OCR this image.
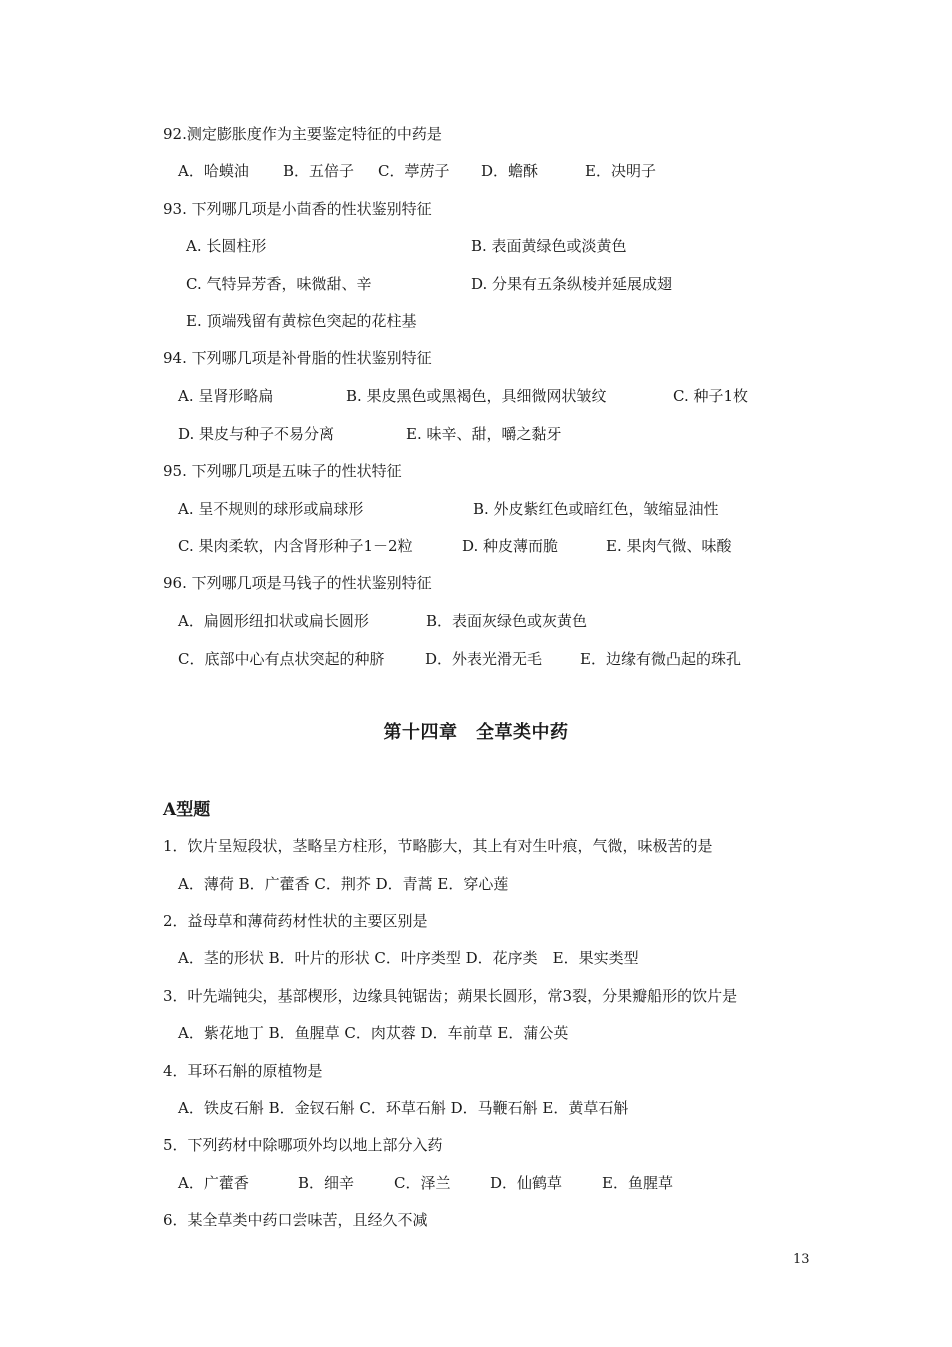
92.测定膨胀度作为主要鉴定特征的中药是
A．哈蟆油 B．五倍子 C．葶苈子 D．蟾酥	E．决明子
93. 下列哪几项是小茴香的性状鉴别特征
A. 长圆柱形	B. 表面黄绿色或淡黄色
C. 气特异芳香，味微甜、辛	D. 分果有五条纵棱并延展成翅
E. 顶端残留有黄棕色突起的花柱基
94. 下列哪几项是补骨脂的性状鉴别特征
A. 呈肾形略扁	B. 果皮黑色或黑褐色，具细微网状皱纹	C. 种子1枚
D. 果皮与种子不易分离	E. 味辛、甜，嚼之黏牙
95. 下列哪几项是五味子的性状特征
A. 呈不规则的球形或扁球形	B. 外皮紫红色或暗红色，皱缩显油性
C. 果肉柔软，内含肾形种子1－2粒	D. 种皮薄而脆	E. 果肉气微、味酸
96. 下列哪几项是马钱子的性状鉴别特征
A．扁圆形纽扣状或扁长圆形	B．表面灰绿色或灰黄色
C．底部中心有点状突起的种脐	D．外表光滑无毛	E．边缘有微凸起的珠孔
第十四章　全草类中药
A型题
1．饮片呈短段状，茎略呈方柱形，节略膨大，其上有对生叶痕，气微，味极苦的是
A．薄荷 B．广藿香 C．荆芥 D．青蒿 E．穿心莲
2．益母草和薄荷药材性状的主要区别是
A．茎的形状 B．叶片的形状 C．叶序类型 D．花序类　E．果实类型
3．叶先端钝尖，基部楔形，边缘具钝锯齿；蒴果长圆形，常3裂，分果瓣船形的饮片是
A．紫花地丁 B．鱼腥草 C．肉苁蓉 D．车前草 E．蒲公英
4．耳环石斛的原植物是
A．铁皮石斛 B．金钗石斛 C．环草石斛 D．马鞭石斛 E．黄草石斛
5．下列药材中除哪项外均以地上部分入药
A．广藿香	B．细辛	C．泽兰	D．仙鹤草	E．鱼腥草
6．某全草类中药口尝味苦，且经久不减
13
